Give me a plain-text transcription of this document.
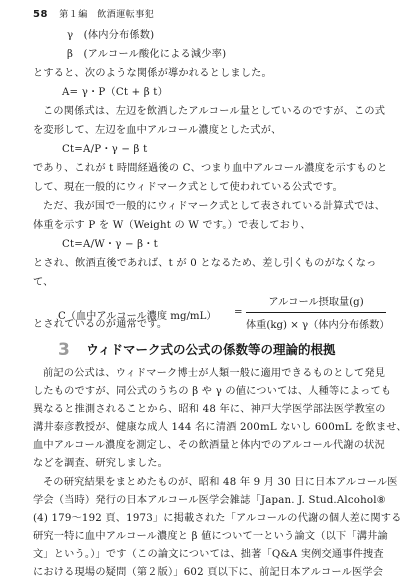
58 第１編　飲酒運転事犯
γ　(体内分布係数)
β　(アルコール酸化による減少率)
とすると、次のような関係が導かれるとしました。
A= γ・P（Ct + β t）
この関係式は、左辺を飲酒したアルコール量としているのですが、この式
を変形して、左辺を血中アルコール濃度とした式が、
Ct=A/P・γ − β t
であり、これが t 時間経過後の C、つまり血中アルコール濃度を示すものと
して、現在一般的にウィドマーク式として使われている公式です。
ただ、我が国で一般的にウィドマーク式として表されている計算式では、
体重を示す P を W（Weight の W です。）で表しており、
Ct=A/W・γ − β・t
とされ、飲酒直後であれば、t が 0 となるため、差し引くものがなくなっ
て、
C（血中アルコール濃度 mg/mL） =
アルコール摂取量(g)
体重(kg) × γ（体内分布係数）
とされているのが通常です。
3 ウィドマーク式の公式の係数等の理論的根拠
前記の公式は、ウィドマーク博士が人類一般に適用できるものとして発見
したものですが、同公式のうちの β や γ の値については、人種等によっても
異なると推測されることから、昭和 48 年に、神戸大学医学部法医学教室の
溝井泰彦教授が、健康な成人 144 名に清酒 200mL ないし 600mL を飲ませ、
血中アルコール濃度を測定し、その飲酒量と体内でのアルコール代謝の状況
などを調査、研究しました。
その研究結果をまとめたものが、昭和 48 年 9 月 30 日に日本アルコール医
学会（当時）発行の日本アルコール医学会雑誌「Japan. J. Stud.Alcohol⑧
(4) 179〜192 頁、1973」に掲載された「アルコールの代謝の個人差に関する
研究一特に血中アルコール濃度と β 値について一という論文（以下「溝井論
文」という。）」です（この論文については、拙著「Q&A 実例交通事件捜査
における現場の疑問（第２版）」602 頁以下に、前記日本アルコール医学会
